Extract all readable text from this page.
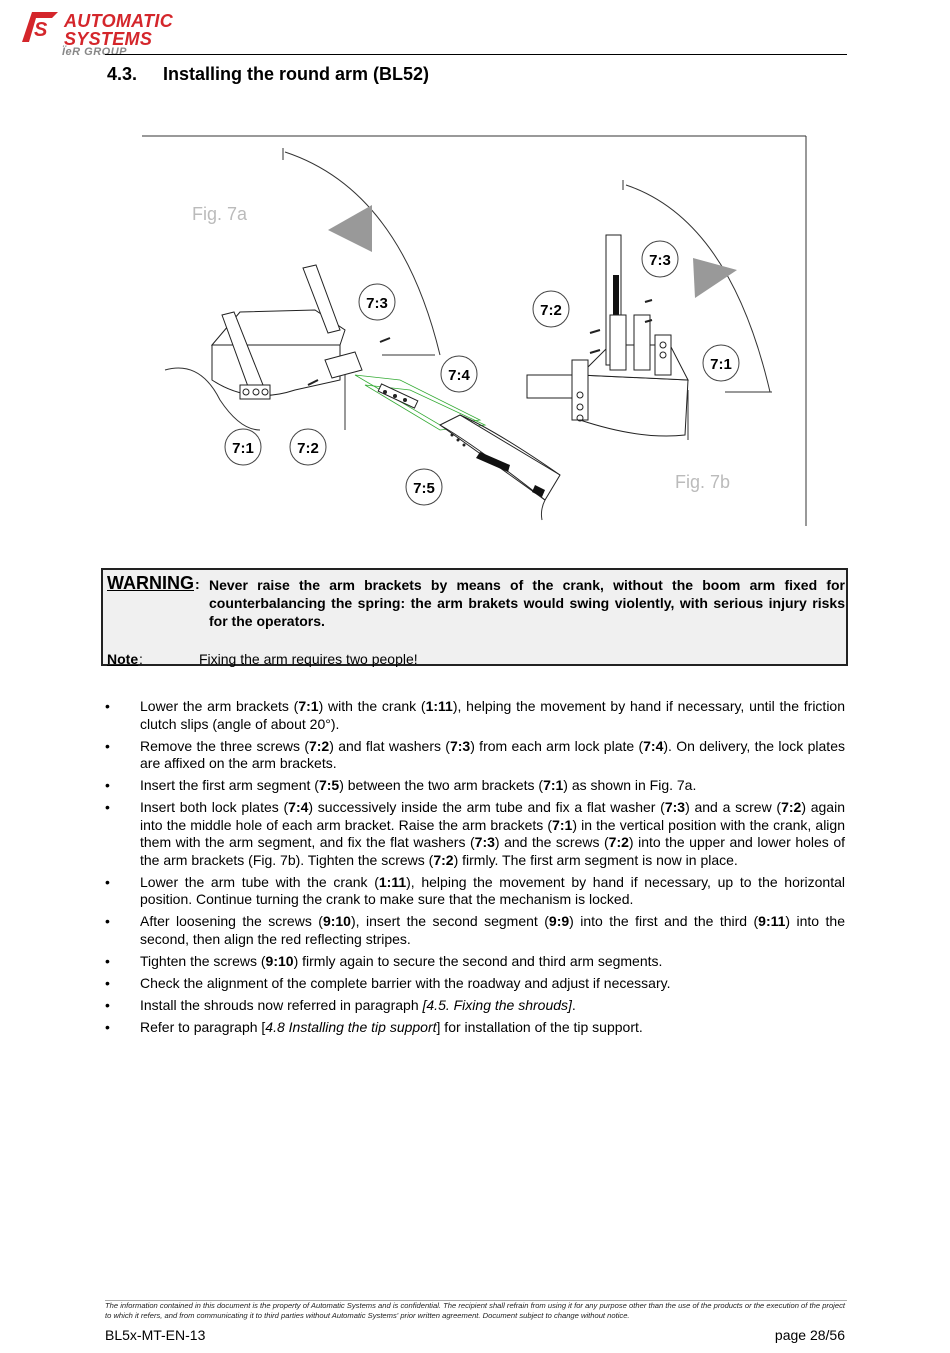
S AUTOMATIC
SYSTEMS
ÏeR GROUP
4.3. Installing the round arm (BL52)
Fig. 7a
Fig. 7b
7:3
7:4
7:1	7:2
7:5
7:3
7:2
7:1
WARNING : Never raise the arm brackets by means of the crank, without the boom arm fixed for counterbalancing the spring: the arm brakets would swing violently, with serious injury risks for the operators.
Note :	Fixing the arm requires two people!
• Lower the arm brackets (7:1) with the crank (1:11), helping the movement by hand if necessary, until the friction clutch slips (angle of about 20°).
• Remove the three screws (7:2) and flat washers (7:3) from each arm lock plate (7:4). On delivery, the lock plates are affixed on the arm brackets.
• Insert the first arm segment (7:5) between the two arm brackets (7:1) as shown in Fig. 7a.
• Insert both lock plates (7:4) successively inside the arm tube and fix a flat washer (7:3) and a screw (7:2) again into the middle hole of each arm bracket. Raise the arm brackets (7:1) in the vertical position with the crank, align them with the arm segment, and fix the flat washers (7:3) and the screws (7:2) into the upper and lower holes of the arm brackets (Fig. 7b). Tighten the screws (7:2) firmly. The first arm segment is now in place.
• Lower the arm tube with the crank (1:11), helping the movement by hand if necessary, up to the horizontal position. Continue turning the crank to make sure that the mechanism is locked.
• After loosening the screws (9:10), insert the second segment (9:9) into the first and the third (9:11) into the second, then align the red reflecting stripes.
• Tighten the screws (9:10) firmly again to secure the second and third arm segments.
• Check the alignment of the complete barrier with the roadway and adjust if necessary.
• Install the shrouds now referred in paragraph [4.5. Fixing the shrouds].
• Refer to paragraph [4.8 Installing the tip support] for installation of the tip support.
The information contained in this document is the property of Automatic Systems and is confidential. The recipient shall refrain from using it for any purpose other than the use of the products or the execution of the project to which it refers, and from communicating it to third parties without Automatic Systems' prior written agreement. Document subject to change without notice.
BL5x-MT-EN-13	page 28/56
